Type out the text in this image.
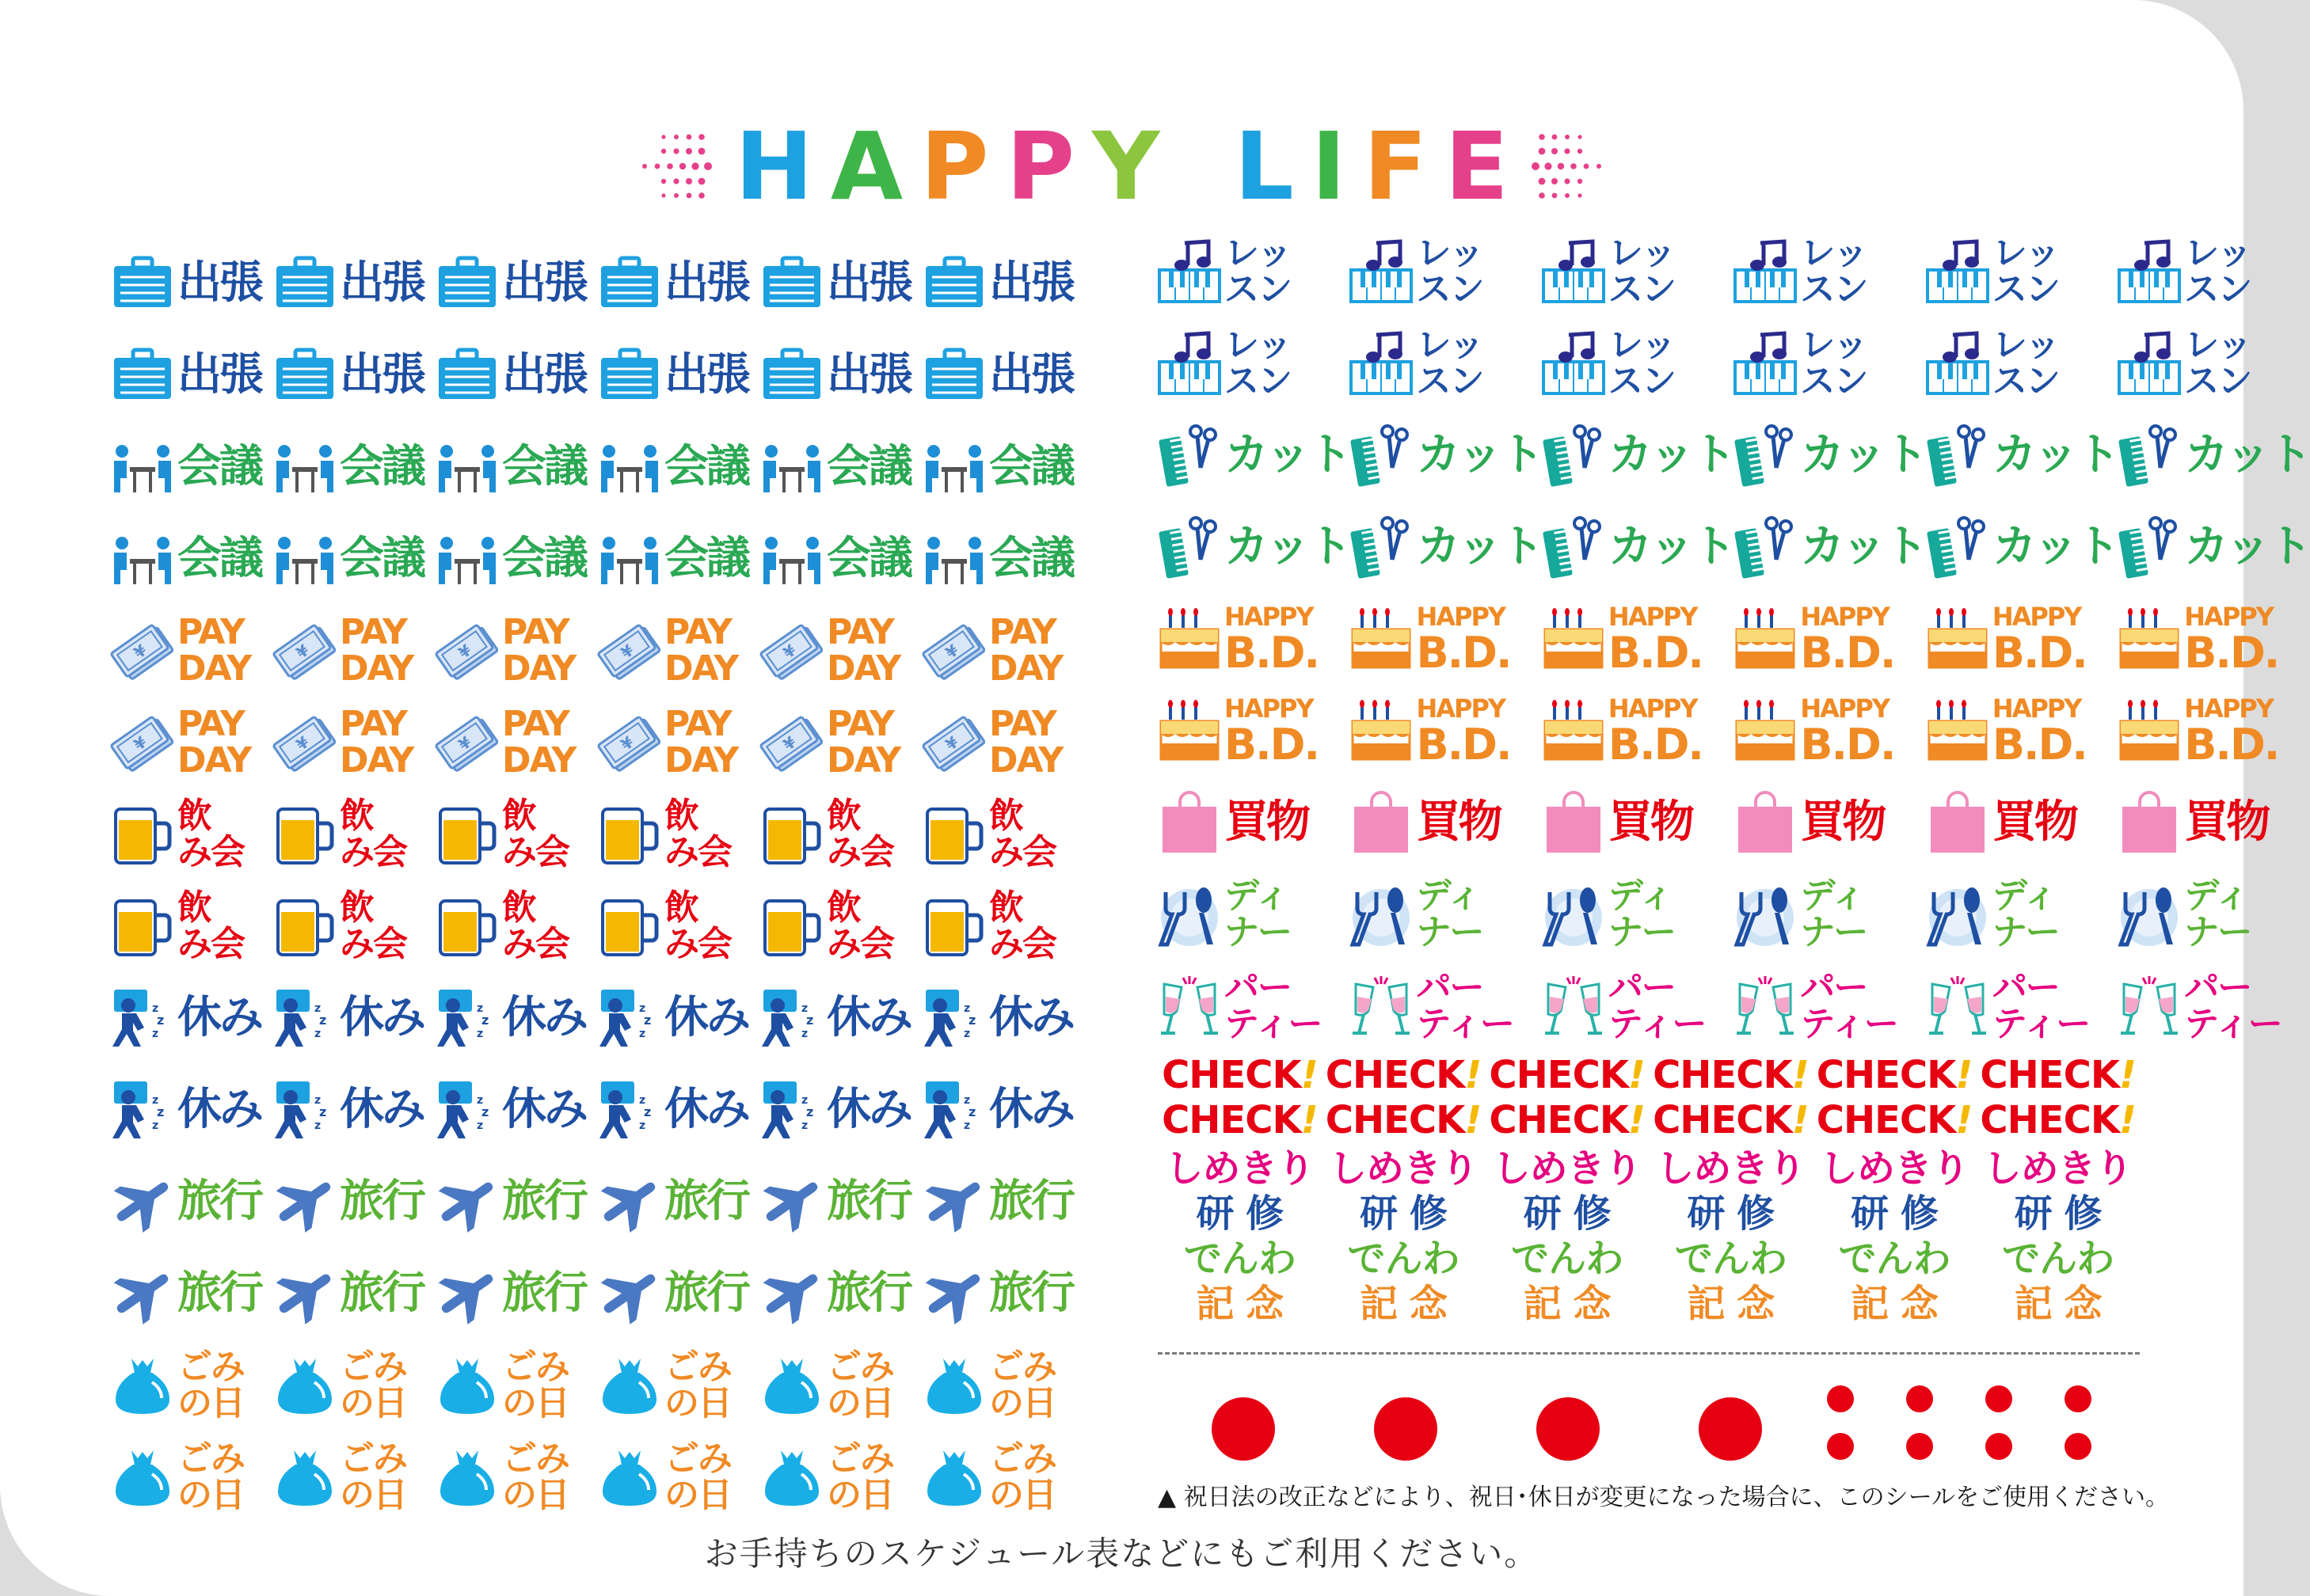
H A P P Y L I F E
出張 出張 出張 出張 出張 出張
出張 出張 出張 出張 出張 出張
会議 会議 会議 会議 会議 会議
会議 会議 会議 会議 会議 会議
¥ PAY
DAY	¥ PAY
DAY	¥ PAY
DAY	¥ PAY
DAY	¥ PAY
DAY	¥ PAY
DAY
¥ PAY
DAY	¥ PAY
DAY	¥ PAY
DAY	¥ PAY
DAY	¥ PAY
DAY	¥ PAY
DAY
飲
み会
飲
み会
飲
み会
飲
み会
飲
み会
飲
み会
飲
み会
飲
み会
飲
み会
飲
み会
飲
み会
飲
み会
z
z
z 休み	z
z
z 休み	z
z
z 休み	z
z
z 休み	z
z
z 休み	z
z
z 休み
z
z
z 休み	z
z
z 休み	z
z
z 休み	z
z
z 休み	z
z
z 休み	z
z
z 休み
旅行 旅行 旅行 旅行 旅行 旅行
旅行 旅行 旅行 旅行 旅行 旅行
ごみ
の日
ごみ
の日
ごみ
の日
ごみ
の日
ごみ
の日
ごみ
の日
ごみ
の日
ごみ
の日
ごみ
の日
ごみ
の日
ごみ
の日
ごみ
の日
レッ
スン
レッ
スン
レッ
スン
レッ
スン
レッ
スン
レッ
スン
レッ
スン
レッ
スン
レッ
スン
レッ
スン
レッ
スン
レッ
スン
カット カット カット カット カット カット
カット カット カット カット カット カット
HAPPY
B.D.
HAPPY
B.D.
HAPPY
B.D.
HAPPY
B.D.
HAPPY
B.D.
HAPPY
B.D.
HAPPY
B.D.
HAPPY
B.D.
HAPPY
B.D.
HAPPY
B.D.
HAPPY
B.D.
HAPPY
B.D.
買物 買物 買物 買物 買物 買物
ディ
ナー
ディ
ナー
ディ
ナー
ディ
ナー
ディ
ナー
ディ
ナー
パー
ティー
パー
ティー
パー
ティー
パー
ティー
パー
ティー
パー
ティー
CHECK ! CHECK ! CHECK ! CHECK ! CHECK ! CHECK !
CHECK ! CHECK ! CHECK ! CHECK ! CHECK ! CHECK !
しめきり しめきり しめきり しめきり しめきり しめきり
研 修 研 修 研 修 研 修 研 修 研 修
でんわ でんわ でんわ でんわ でんわ でんわ
記 念 記 念 記 念 記 念 記 念 記 念
▲ 祝日法の改正などにより、祝日･休日が変更になった場合に、このシールをご使用ください。
お手持ちのスケジュール表などにもご利用ください。
